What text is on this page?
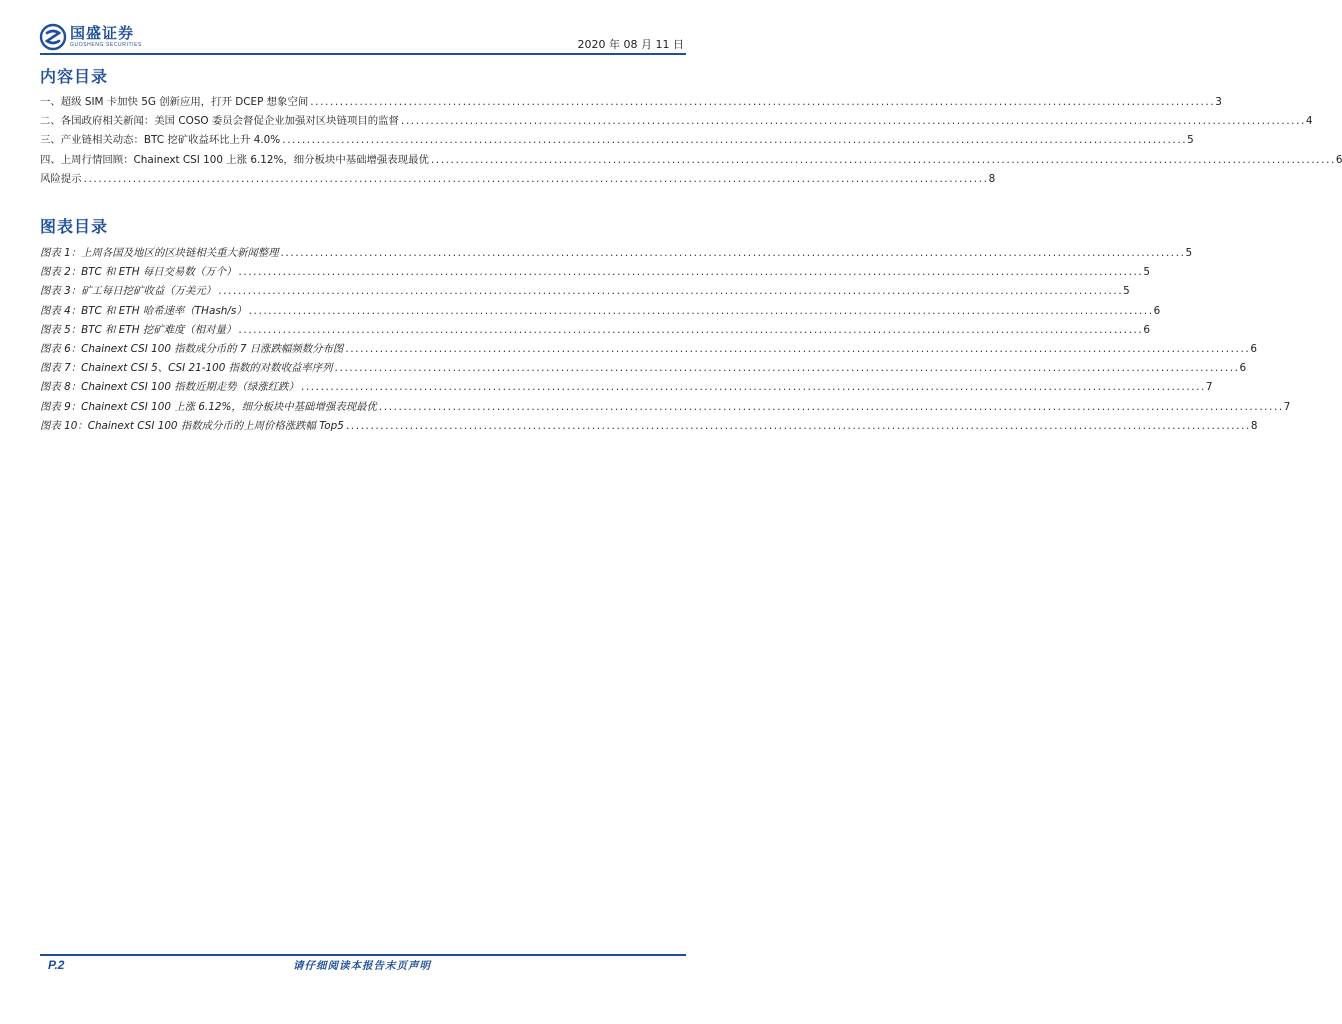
国盛证券
GUOSHENG SECURITIES	2020 年 08 月 11 日
内容目录
一、超级 SIM 卡加快 5G 创新应用，打开 DCEP 想象空间 ........................................................................................................................................................................................ 3
二、各国政府相关新闻：美国 COSO 委员会督促企业加强对区块链项目的监督 ........................................................................................................................................................................................ 4
三、产业链相关动态：BTC 挖矿收益环比上升 4.0% ........................................................................................................................................................................................ 5
四、上周行情回顾：Chainext CSI 100 上涨 6.12%，细分板块中基础增强表现最优 ........................................................................................................................................................................................ 6
风险提示 ........................................................................................................................................................................................ 8
图表目录
图表 1：上周各国及地区的区块链相关重大新闻整理 ........................................................................................................................................................................................ 5
图表 2：BTC 和 ETH 每日交易数（万个） ........................................................................................................................................................................................ 5
图表 3：矿工每日挖矿收益（万美元） ........................................................................................................................................................................................ 5
图表 4：BTC 和 ETH 哈希速率（THash/s） ........................................................................................................................................................................................ 6
图表 5：BTC 和 ETH 挖矿难度（相对量） ........................................................................................................................................................................................ 6
图表 6：Chainext CSI 100 指数成分币的 7 日涨跌幅频数分布图 ........................................................................................................................................................................................ 6
图表 7：Chainext CSI 5、CSI 21-100 指数的对数收益率序列 ........................................................................................................................................................................................ 6
图表 8：Chainext CSI 100 指数近期走势（绿涨红跌） ........................................................................................................................................................................................ 7
图表 9：Chainext CSI 100 上涨 6.12%，细分板块中基础增强表现最优 ........................................................................................................................................................................................ 7
图表 10：Chainext CSI 100 指数成分币的上周价格涨跌幅 Top5 ........................................................................................................................................................................................ 8
P.2	请仔细阅读本报告末页声明
